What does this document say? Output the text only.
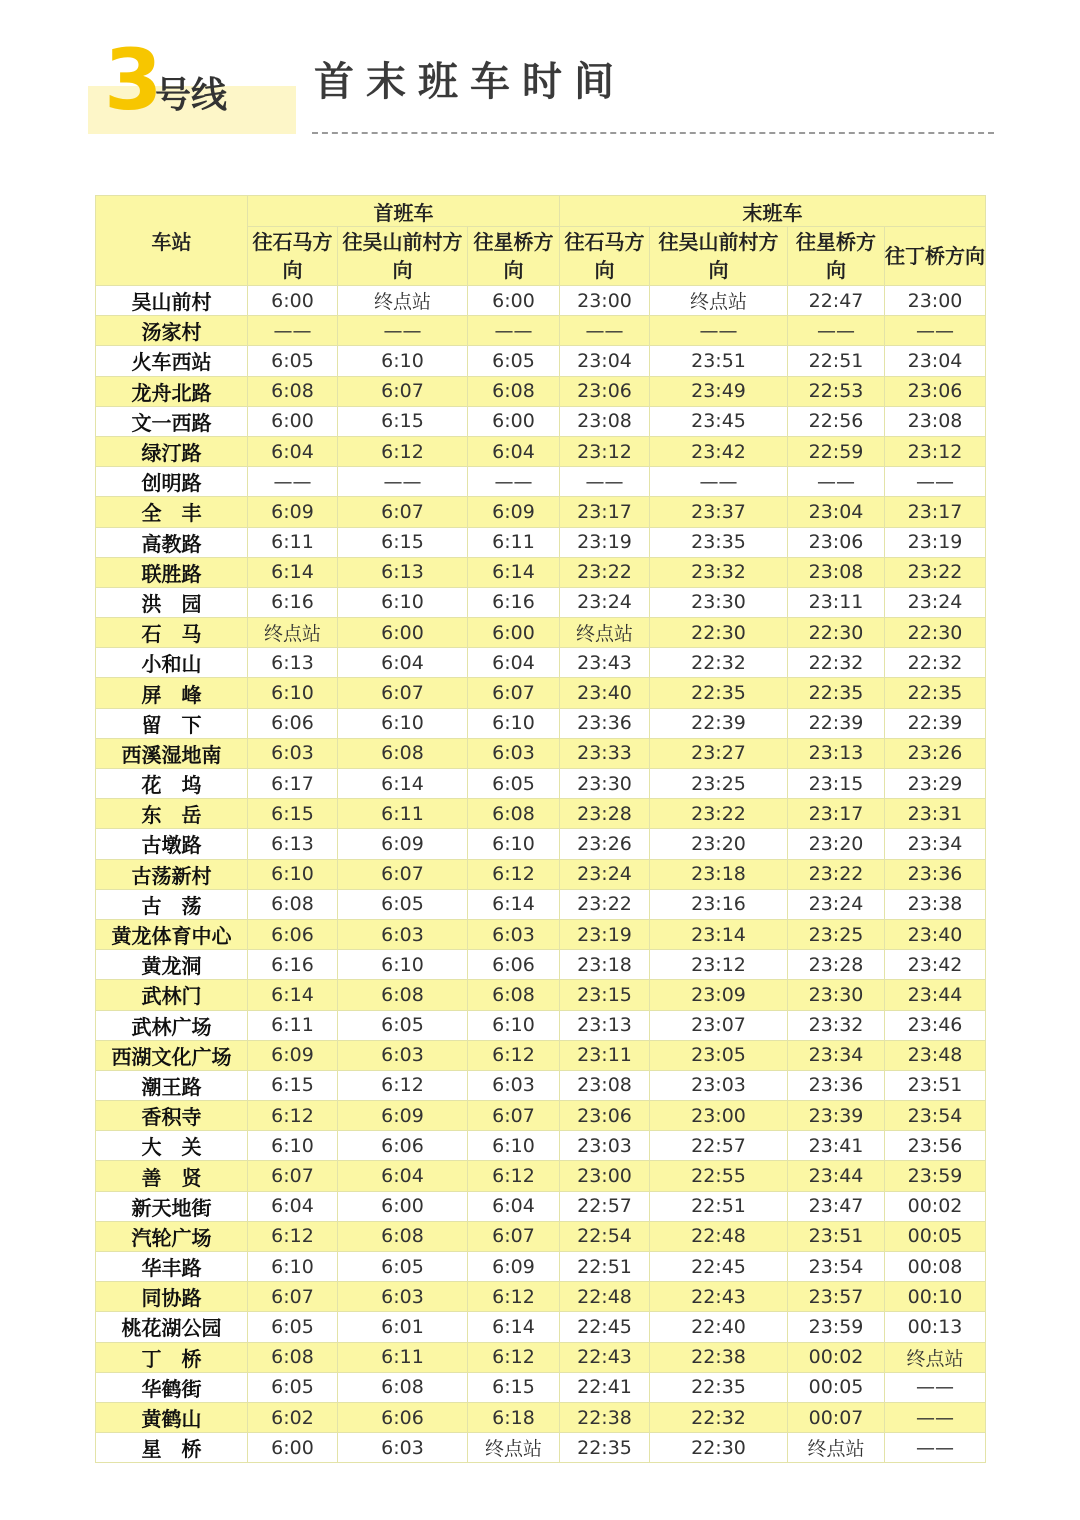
3
号线 首末班车时间
车站	首班车			末班车			
	往石马方向	往吴山前村方向	往星桥方向	往石马方向	往吴山前村方向	往星桥方向	往丁桥方向
吴山前村	6:00	终点站	6:00	23:00	终点站	22:47	23:00
汤家村	——	——	——	——	——	——	——
火车西站	6:05	6:10	6:05	23:04	23:51	22:51	23:04
龙舟北路	6:08	6:07	6:08	23:06	23:49	22:53	23:06
文一西路	6:00	6:15	6:00	23:08	23:45	22:56	23:08
绿汀路	6:04	6:12	6:04	23:12	23:42	22:59	23:12
创明路	——	——	——	——	——	——	——
全　丰	6:09	6:07	6:09	23:17	23:37	23:04	23:17
高教路	6:11	6:15	6:11	23:19	23:35	23:06	23:19
联胜路	6:14	6:13	6:14	23:22	23:32	23:08	23:22
洪　园	6:16	6:10	6:16	23:24	23:30	23:11	23:24
石　马	终点站	6:00	6:00	终点站	22:30	22:30	22:30
小和山	6:13	6:04	6:04	23:43	22:32	22:32	22:32
屏　峰	6:10	6:07	6:07	23:40	22:35	22:35	22:35
留　下	6:06	6:10	6:10	23:36	22:39	22:39	22:39
西溪湿地南	6:03	6:08	6:03	23:33	23:27	23:13	23:26
花　坞	6:17	6:14	6:05	23:30	23:25	23:15	23:29
东　岳	6:15	6:11	6:08	23:28	23:22	23:17	23:31
古墩路	6:13	6:09	6:10	23:26	23:20	23:20	23:34
古荡新村	6:10	6:07	6:12	23:24	23:18	23:22	23:36
古　荡	6:08	6:05	6:14	23:22	23:16	23:24	23:38
黄龙体育中心	6:06	6:03	6:03	23:19	23:14	23:25	23:40
黄龙洞	6:16	6:10	6:06	23:18	23:12	23:28	23:42
武林门	6:14	6:08	6:08	23:15	23:09	23:30	23:44
武林广场	6:11	6:05	6:10	23:13	23:07	23:32	23:46
西湖文化广场	6:09	6:03	6:12	23:11	23:05	23:34	23:48
潮王路	6:15	6:12	6:03	23:08	23:03	23:36	23:51
香积寺	6:12	6:09	6:07	23:06	23:00	23:39	23:54
大　关	6:10	6:06	6:10	23:03	22:57	23:41	23:56
善　贤	6:07	6:04	6:12	23:00	22:55	23:44	23:59
新天地街	6:04	6:00	6:04	22:57	22:51	23:47	00:02
汽轮广场	6:12	6:08	6:07	22:54	22:48	23:51	00:05
华丰路	6:10	6:05	6:09	22:51	22:45	23:54	00:08
同协路	6:07	6:03	6:12	22:48	22:43	23:57	00:10
桃花湖公园	6:05	6:01	6:14	22:45	22:40	23:59	00:13
丁　桥	6:08	6:11	6:12	22:43	22:38	00:02	终点站
华鹤街	6:05	6:08	6:15	22:41	22:35	00:05	——
黄鹤山	6:02	6:06	6:18	22:38	22:32	00:07	——
星　桥	6:00	6:03	终点站	22:35	22:30	终点站	——
